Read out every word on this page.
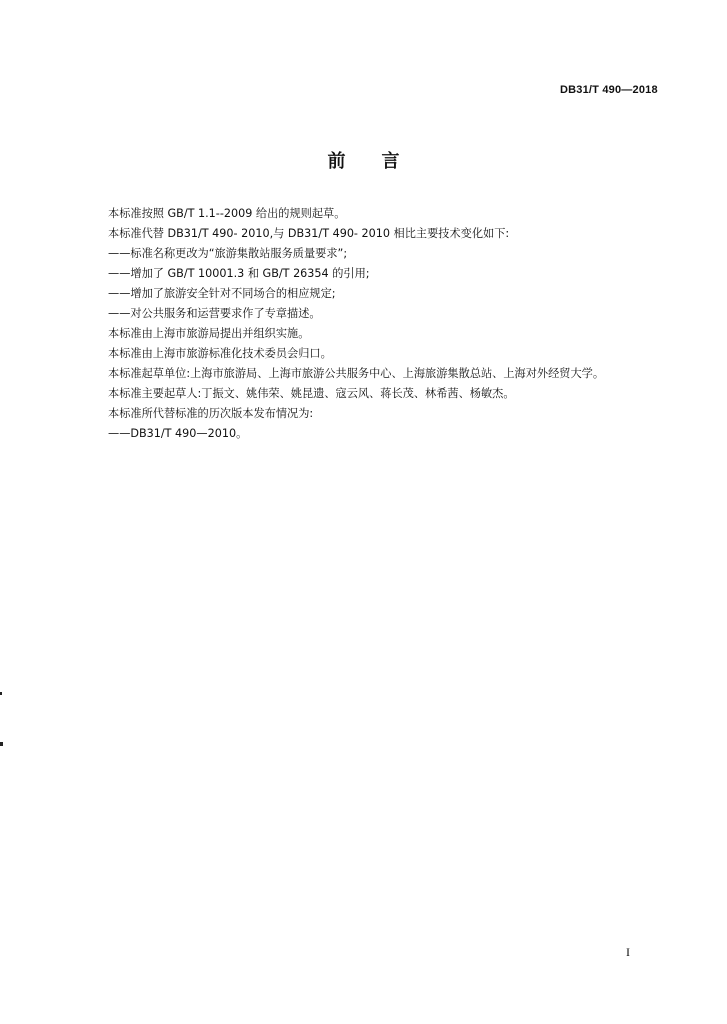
DB31/T 490—2018
前言

本标准按照 GB/T 1.1--2009 给出的规则起草。

本标准代替 DB31/T 490- 2010,与 DB31/T 490- 2010 相比主要技术变化如下:

——标准名称更改为“旅游集散站服务质量要求”;

——增加了 GB/T 10001.3 和 GB/T 26354 的引用;

——增加了旅游安全针对不同场合的相应规定;

——对公共服务和运营要求作了专章描述。

本标准由上海市旅游局提出并组织实施。

本标准由上海市旅游标准化技术委员会归口。

本标准起草单位:上海市旅游局、上海市旅游公共服务中心、上海旅游集散总站、上海对外经贸大学。

本标准主要起草人:丁振文、姚伟荣、姚昆遗、寇云风、蒋长茂、林希茜、杨敏杰。

本标准所代替标准的历次版本发布情况为:

——DB31/T 490—2010。

I
